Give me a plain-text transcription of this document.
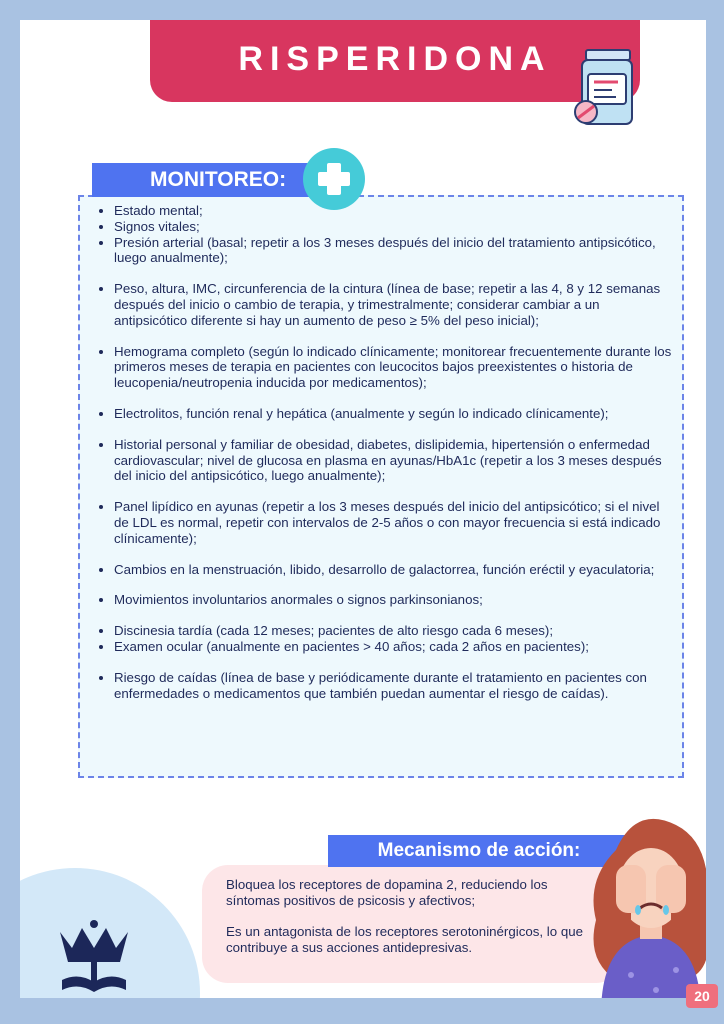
RISPERIDONA
• Estado mental;
• Signos vitales;
• Presión arterial (basal; repetir a los 3 meses después del inicio del tratamiento antipsicótico, luego anualmente);
• Peso, altura, IMC, circunferencia de la cintura (línea de base; repetir a las 4, 8 y 12 semanas después del inicio o cambio de terapia, y trimestralmente; considerar cambiar a un antipsicótico diferente si hay un aumento de peso ≥ 5% del peso inicial);
• Hemograma completo (según lo indicado clínicamente; monitorear frecuentemente durante los primeros meses de terapia en pacientes con leucocitos bajos preexistentes o historia de leucopenia/neutropenia inducida por medicamentos);
• Electrolitos, función renal y hepática (anualmente y según lo indicado clínicamente);
• Historial personal y familiar de obesidad, diabetes, dislipidemia, hipertensión o enfermedad cardiovascular; nivel de glucosa en plasma en ayunas/HbA1c (repetir a los 3 meses después del inicio del antipsicótico, luego anualmente);
• Panel lipídico en ayunas (repetir a los 3 meses después del inicio del antipsicótico; si el nivel de LDL es normal, repetir con intervalos de 2-5 años o con mayor frecuencia si está indicado clínicamente);
• Cambios en la menstruación, libido, desarrollo de galactorrea, función eréctil y eyaculatoria;
• Movimientos involuntarios anormales o signos parkinsonianos;
• Discinesia tardía (cada 12 meses; pacientes de alto riesgo cada 6 meses);
• Examen ocular (anualmente en pacientes > 40 años; cada 2 años en pacientes);
• Riesgo de caídas (línea de base y periódicamente durante el tratamiento en pacientes con enfermedades o medicamentos que también puedan aumentar el riesgo de caídas).
MONITOREO:
Mecanismo de acción:

Bloquea los receptores de dopamina 2, reduciendo los síntomas positivos de psicosis y afectivos;

Es un antagonista de los receptores serotoninérgicos, lo que contribuye a sus acciones antidepresivas.

20
